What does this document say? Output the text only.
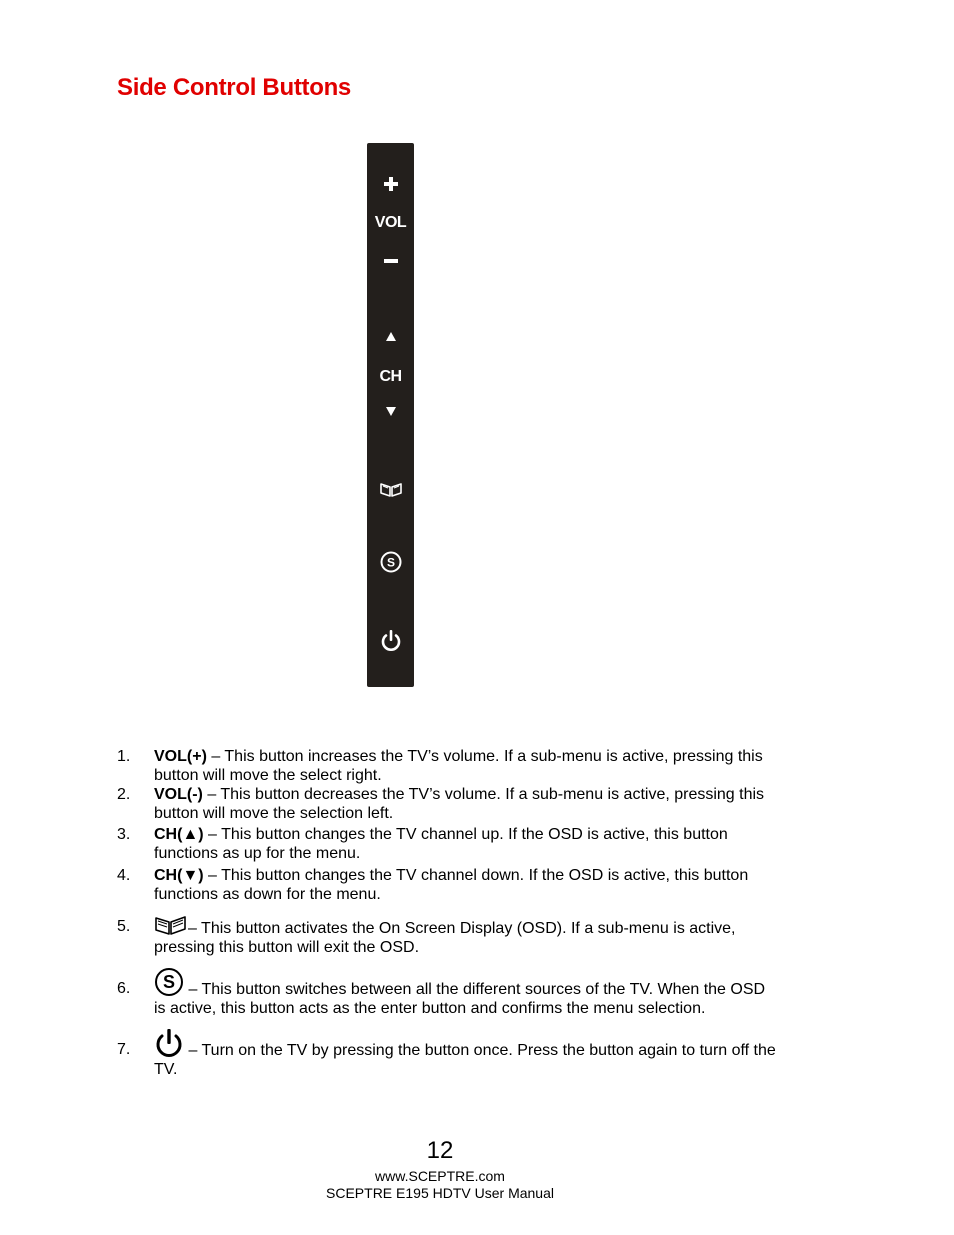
Side Control Buttons
VOL
CH
S
1. VOL(+) – This button increases the TV’s volume. If a sub-menu is active, pressing this button will move the select right.
2. VOL(-) – This button decreases the TV’s volume. If a sub-menu is active, pressing this button will move the selection left.
3. CH(▲) – This button changes the TV channel up. If the OSD is active, this button functions as up for the menu.
4. CH(▼) – This button changes the TV channel down. If the OSD is active, this button functions as down for the menu.
5.	– This button activates the On Screen Display (OSD). If a sub-menu is active, pressing this button will exit the OSD.
6. S – This button switches between all the different sources of the TV. When the OSD is active, this button acts as the enter button and confirms the menu selection.
7.	– Turn on the TV by pressing the button once. Press the button again to turn off the TV.
12
www.SCEPTRE.com
SCEPTRE E195 HDTV User Manual
